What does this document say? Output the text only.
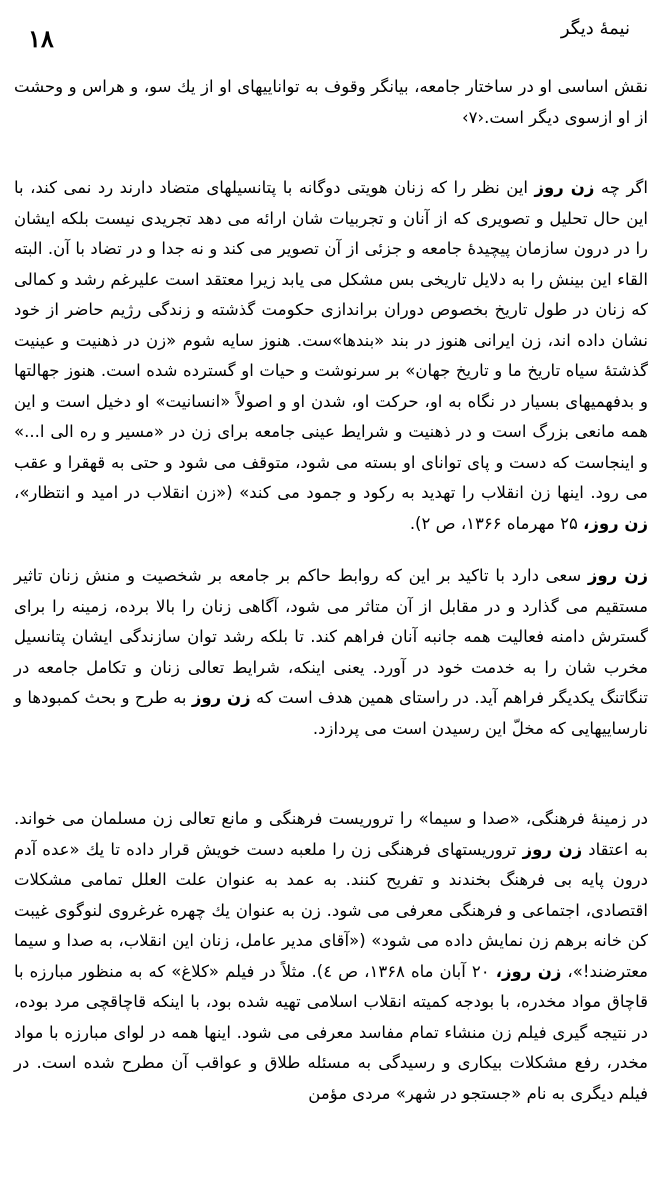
۱۸	نیمهٔ دیگر

نقش اساسی او در ساختار جامعه، بیانگر وقوف به تواناییهای او از یك سو، و هراس و وحشت از او ازسوی دیگر است.‹۷›

اگر چه زن روز این نظر را که زنان هویتی دوگانه با پتانسیلهای متضاد دارند رد نمی کند، با این حال تحلیل و تصویری که از آنان و تجربیات شان ارائه می دهد تجریدی نیست بلکه ایشان را در درون سازمان پیچیدهٔ جامعه و جزئی از آن تصویر می کند و نه جدا و در تضاد با آن. البته القاء این بینش را به دلایل تاریخی بس مشکل می یابد زیرا معتقد است علیرغم رشد و کمالی که زنان در طول تاریخ بخصوص دوران براندازی حکومت گذشته و زندگی رژیم حاضر از خود نشان داده اند، زن ایرانی هنوز در بند «بندها»ست. هنوز سایه شوم «زن در ذهنیت و عینیت گذشتهٔ سیاه تاریخ ما و تاریخ جهان» بر سرنوشت و حیات او گسترده شده است. هنوز جهالتها و بدفهمیهای بسیار در نگاه به او، حرکت او، شدن او و اصولاً «انسانیت» او دخیل است و این همه مانعی بزرگ است و در ذهنیت و شرایط عینی جامعه برای زن در «مسیر و ره الی ا...» و اینجاست که دست و پای توانای او بسته می شود، متوقف می شود و حتی به قهقرا و عقب می رود. اینها زن انقلاب را تهدید به رکود و جمود می کند» («زن انقلاب در امید و انتظار»، زن روز، ۲۵ مهرماه ۱۳۶۶، ص ۲).

زن روز سعی دارد با تاکید بر این که روابط حاکم بر جامعه بر شخصیت و منش زنان تاثیر مستقیم می گذارد و در مقابل از آن متاثر می شود، آگاهی زنان را بالا برده، زمینه را برای گسترش دامنه فعالیت همه جانبه آنان فراهم کند. تا بلکه رشد توان سازندگی ایشان پتانسیل مخرب شان را به خدمت خود در آورد. یعنی اینکه، شرایط تعالی زنان و تکامل جامعه در تنگاتنگ یکدیگر فراهم آید. در راستای همین هدف است که زن روز به طرح و بحث کمبودها و نارساییهایی که مخلّ این رسیدن است می پردازد.

در زمینهٔ فرهنگی، «صدا و سیما» را تروریست فرهنگی و مانع تعالی زن مسلمان می خواند. به اعتقاد زن روز تروریستهای فرهنگی زن را ملعبه دست خویش قرار داده تا یك «عده آدم درون پایه بی فرهنگ بخندند و تفریح کنند. به عمد به عنوان علت العلل تمامی مشکلات اقتصادی، اجتماعی و فرهنگی معرفی می شود. زن به عنوان یك چهره غرغروی لنوگوی غیبت کن خانه برهم زن نمایش داده می شود» («آقای مدیر عامل، زنان این انقلاب، به صدا و سیما معترضند!»، زن روز، ۲۰ آبان ماه ۱۳۶۸، ص ٤). مثلاً در فیلم «کلاغ» که به منظور مبارزه با قاچاق مواد مخدره، با بودجه کمیته انقلاب اسلامی تهیه شده بود، با اینکه قاچاقچی مرد بوده، در نتیجه گیری فیلم زن منشاء تمام مفاسد معرفی می شود. اینها همه در لوای مبارزه با مواد مخدر، رفع مشکلات بیکاری و رسیدگی به مسئله طلاق و عواقب آن مطرح شده است. در فیلم دیگری به نام «جستجو در شهر» مردی مؤمن
